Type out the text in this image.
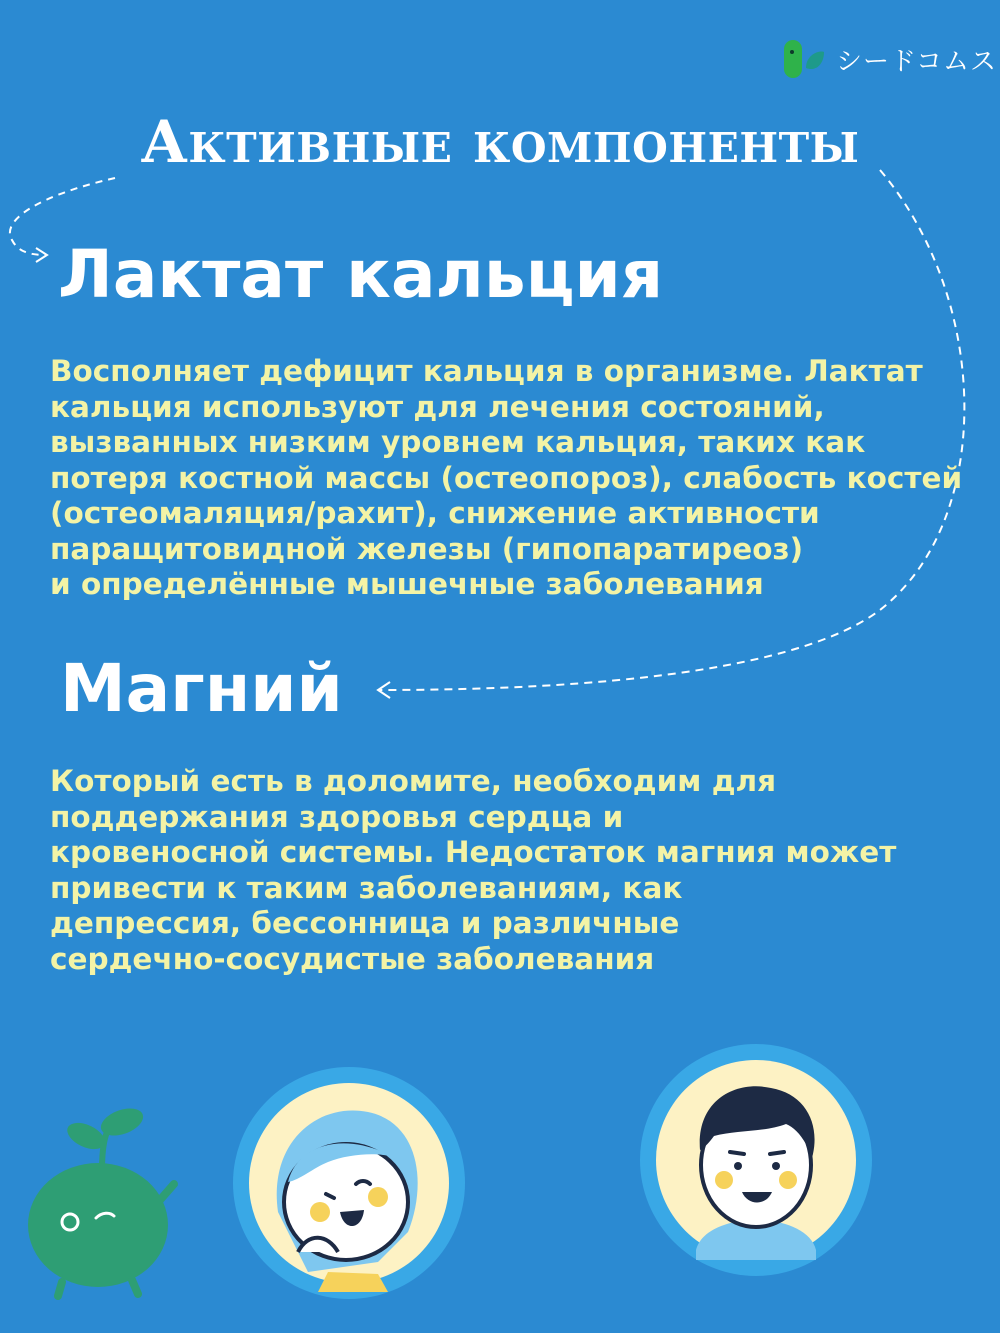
シードコムス
Активные компоненты
Лактат кальция

Восполняет дефицит кальция в организме. Лактат
кальция используют для лечения состояний,
вызванных низким уровнем кальция, таких как
потеря костной массы (остеопороз), слабость костей
(остеомаляция/рахит), снижение активности
паращитовидной железы (гипопаратиреоз)
и определённые мышечные заболевания

Магний

Который есть в доломите, необходим для
поддержания здоровья сердца и
кровеносной системы. Недостаток магния может
привести к таким заболеваниям, как
депрессия, бессонница и различные
сердечно-сосудистые заболевания
